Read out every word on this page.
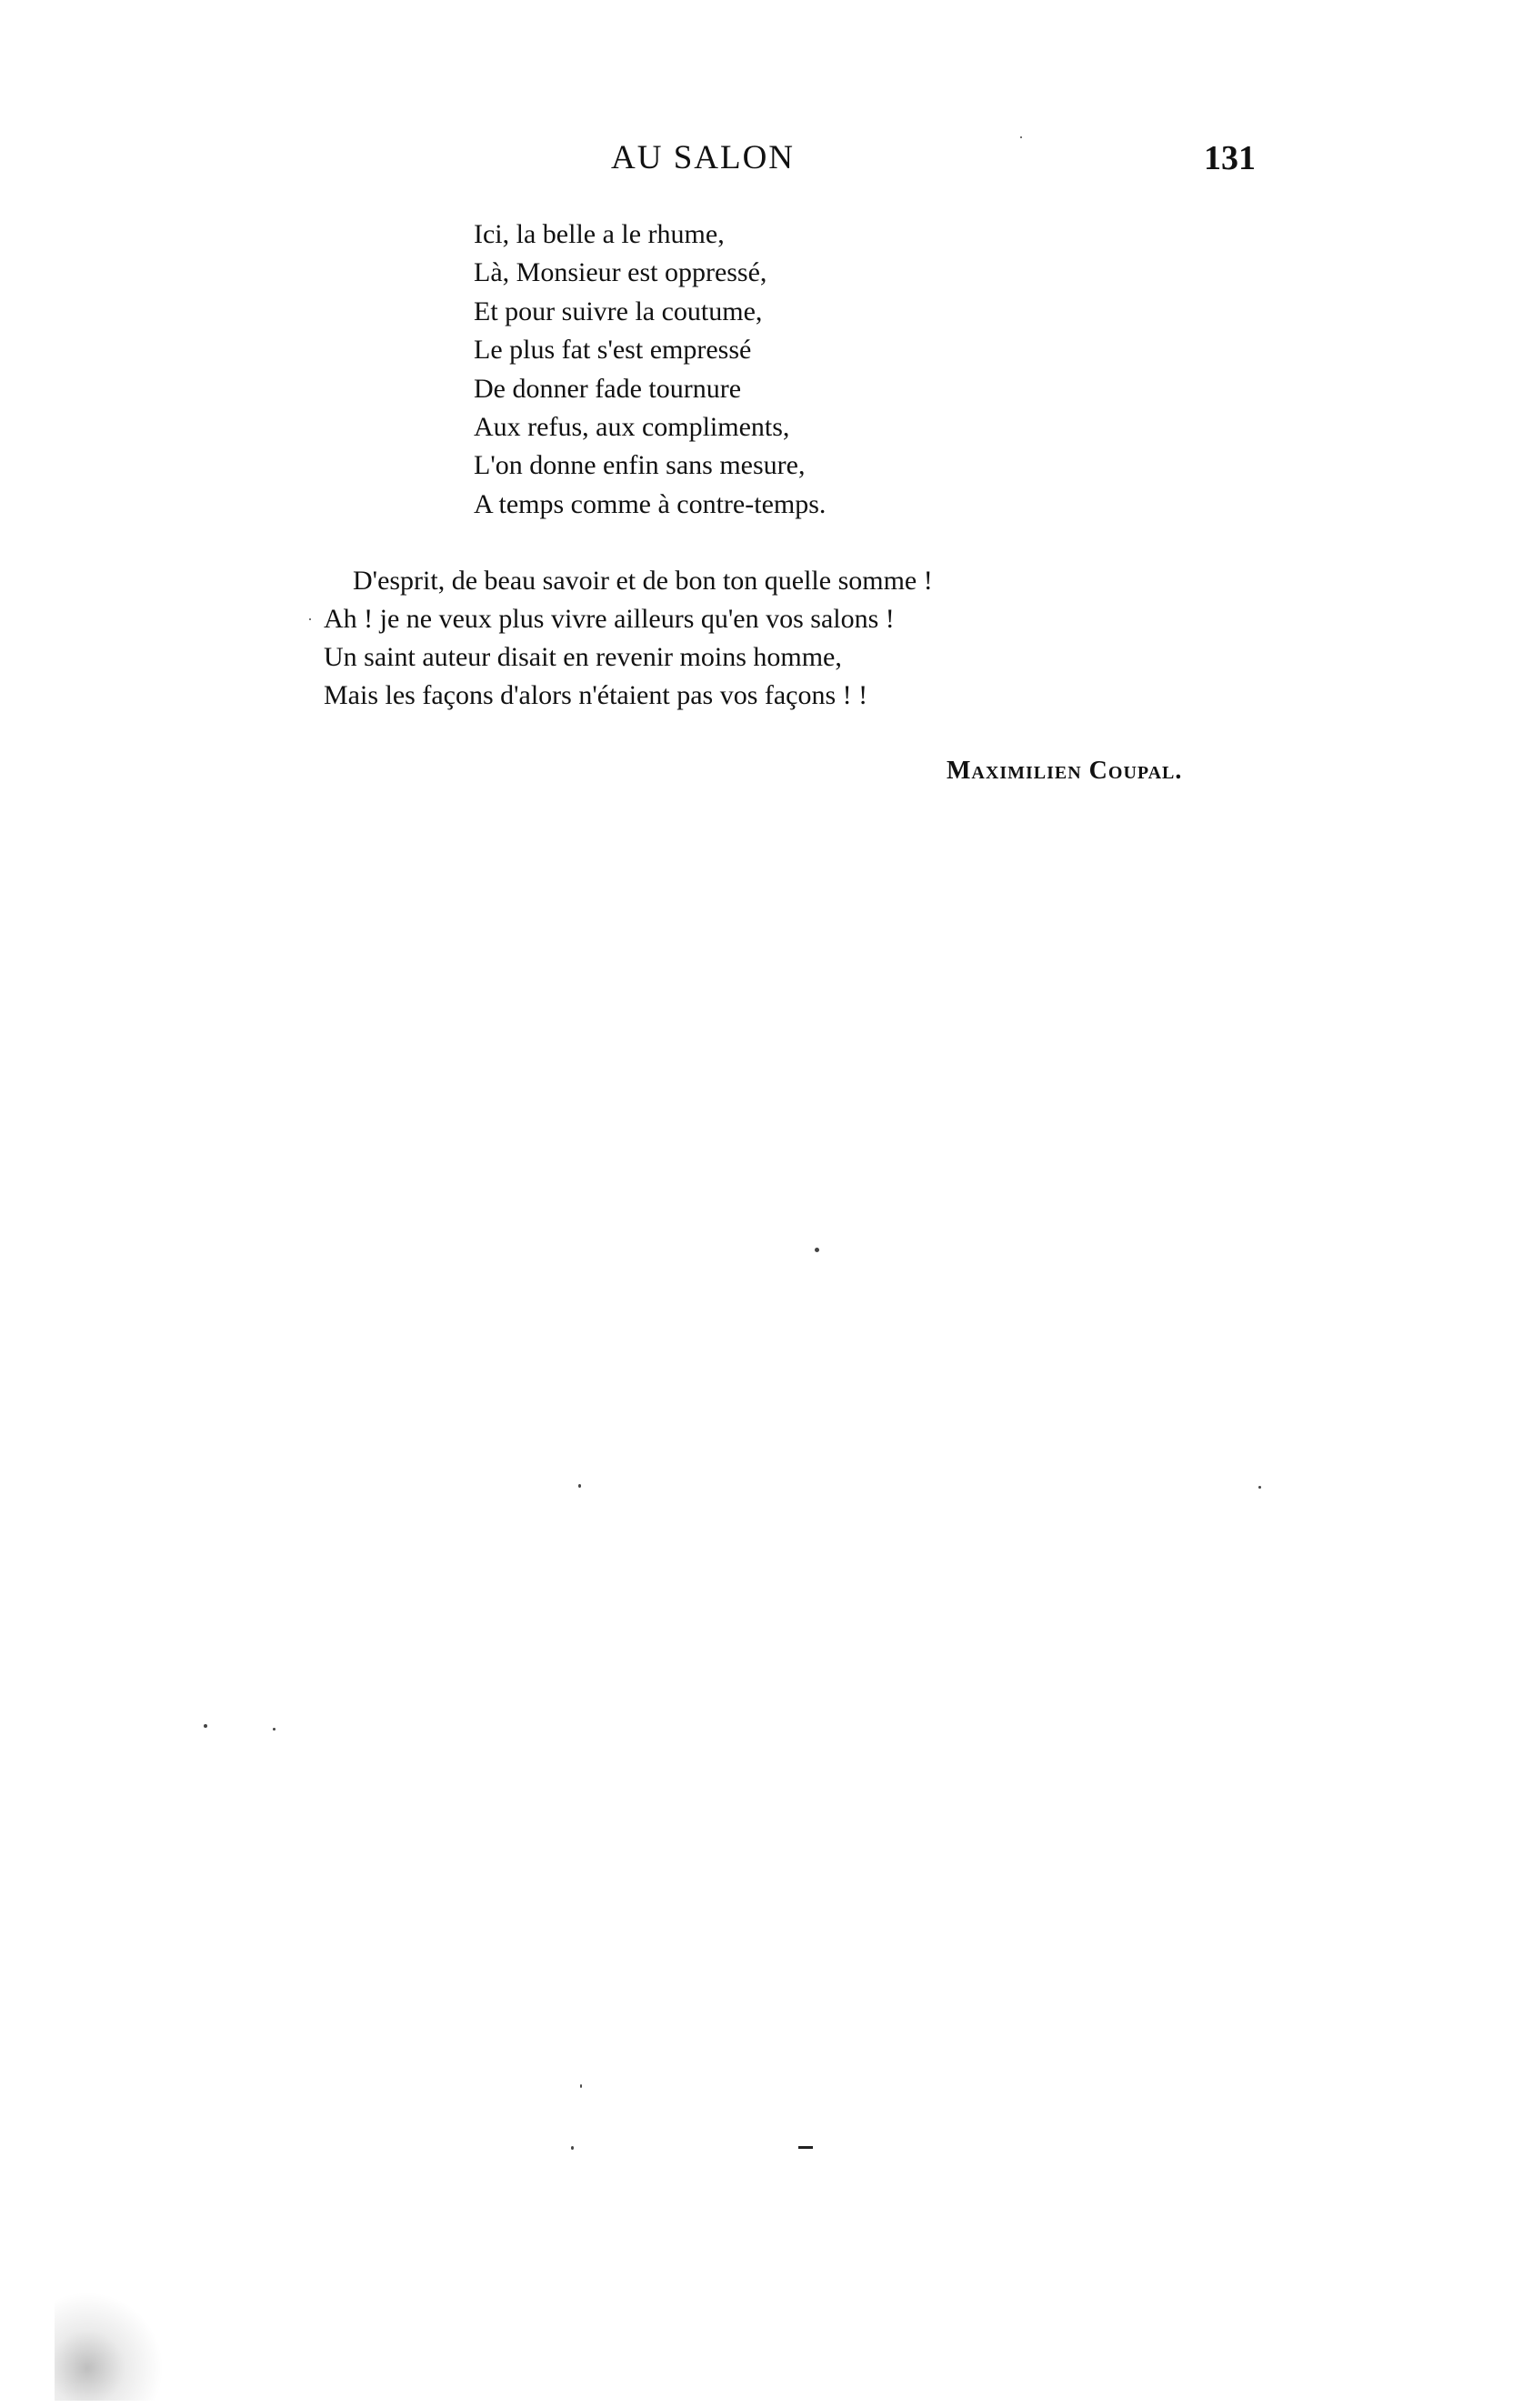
AU SALON	131
Ici, la belle a le rhume,
Là, Monsieur est oppressé,
Et pour suivre la coutume,
Le plus fat s'est empressé
De donner fade tournure
Aux refus, aux compliments,
L'on donne enfin sans mesure,
A temps comme à contre-temps.
D'esprit, de beau savoir et de bon ton quelle somme !
Ah ! je ne veux plus vivre ailleurs qu'en vos salons !
Un saint auteur disait en revenir moins homme,
Mais les façons d'alors n'étaient pas vos façons ! !
Maximilien Coupal.
